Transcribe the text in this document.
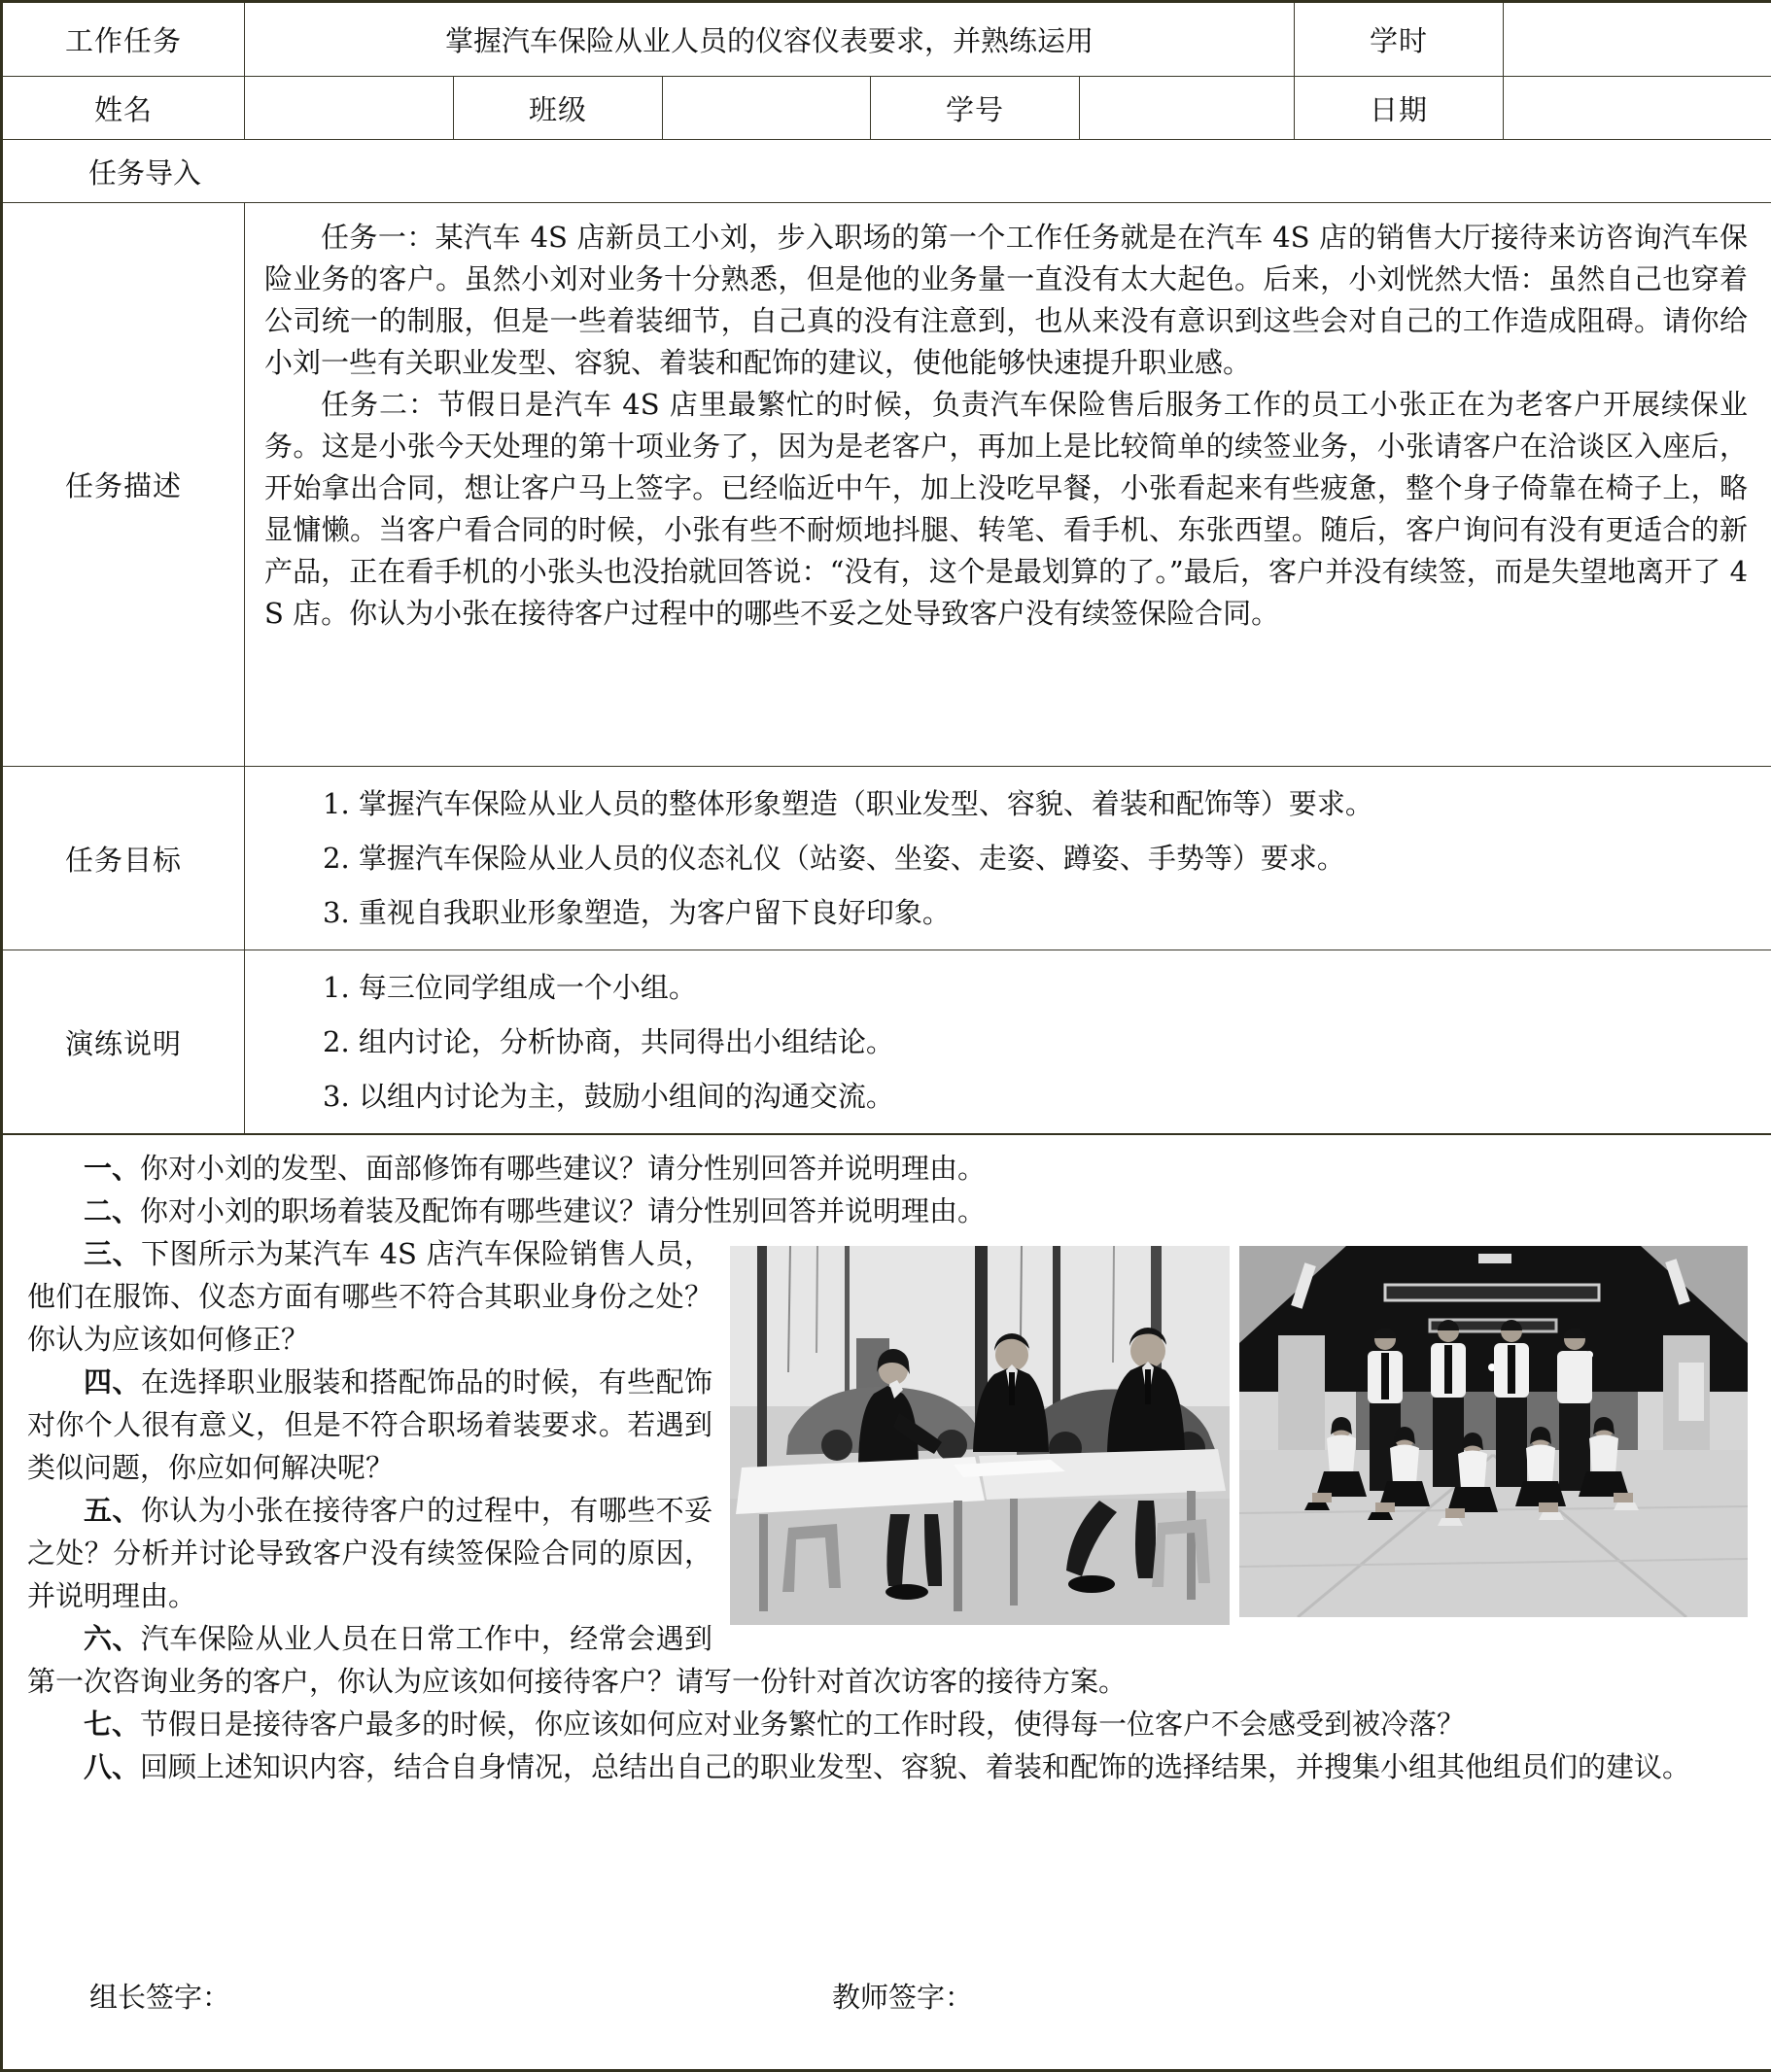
工作任务	掌握汽车保险从业人员的仪容仪表要求，并熟练运用					学时	
姓名		班级		学号		日期	
任务导入							
任务描述	任务一：某汽车 4S 店新员工小刘，步入职场的第一个工作任务就是在汽车 4S 店的销售大厅接待来访咨询汽车保险业务的客户。虽然小刘对业务十分熟悉，但是他的业务量一直没有太大起色。后来，小刘恍然大悟：虽然自己也穿着公司统一的制服，但是一些着装细节，自己真的没有注意到，也从来没有意识到这些会对自己的工作造成阻碍。请你给小刘一些有关职业发型、容貌、着装和配饰的建议，使他能够快速提升职业感。

任务二：节假日是汽车 4S 店里最繁忙的时候，负责汽车保险售后服务工作的员工小张正在为老客户开展续保业务。这是小张今天处理的第十项业务了，因为是老客户，再加上是比较简单的续签业务，小张请客户在洽谈区入座后，开始拿出合同，想让客户马上签字。已经临近中午，加上没吃早餐，小张看起来有些疲惫，整个身子倚靠在椅子上，略显慵懒。当客户看合同的时候，小张有些不耐烦地抖腿、转笔、看手机、东张西望。随后，客户询问有没有更适合的新产品，正在看手机的小张头也没抬就回答说：“没有，这个是最划算的了。”最后，客户并没有续签，而是失望地离开了 4S 店。你认为小张在接待客户过程中的哪些不妥之处导致客户没有续签保险合同。						

任务目标	1. 掌握汽车保险从业人员的整体形象塑造（职业发型、容貌、着装和配饰等）要求。
2. 掌握汽车保险从业人员的仪态礼仪（站姿、坐姿、走姿、蹲姿、手势等）要求。
3. 重视自我职业形象塑造，为客户留下良好印象。						

演练说明	1. 每三位同学组成一个小组。
2. 组内讨论，分析协商，共同得出小组结论。
3. 以组内讨论为主，鼓励小组间的沟通交流。						

一、你对小刘的发型、面部修饰有哪些建议？请分性别回答并说明理由。

二、你对小刘的职场着装及配饰有哪些建议？请分性别回答并说明理由。

三、下图所示为某汽车 4S 店汽车保险销售人员，他们在服饰、仪态方面有哪些不符合其职业身份之处？你认为应该如何修正？

四、在选择职业服装和搭配饰品的时候，有些配饰对你个人很有意义，但是不符合职场着装要求。若遇到类似问题，你应如何解决呢？

五、你认为小张在接待客户的过程中，有哪些不妥之处？分析并讨论导致客户没有续签保险合同的原因，并说明理由。

六、汽车保险从业人员在日常工作中，经常会遇到第一次咨询业务的客户，你认为应该如何接待客户？请写一份针对首次访客的接待方案。

七、节假日是接待客户最多的时候，你应该如何应对业务繁忙的工作时段，使得每一位客户不会感受到被冷落？

八、回顾上述知识内容，结合自身情况，总结出自己的职业发型、容貌、着装和配饰的选择结果，并搜集小组其他组员们的建议。

组长签字：	教师签字：
